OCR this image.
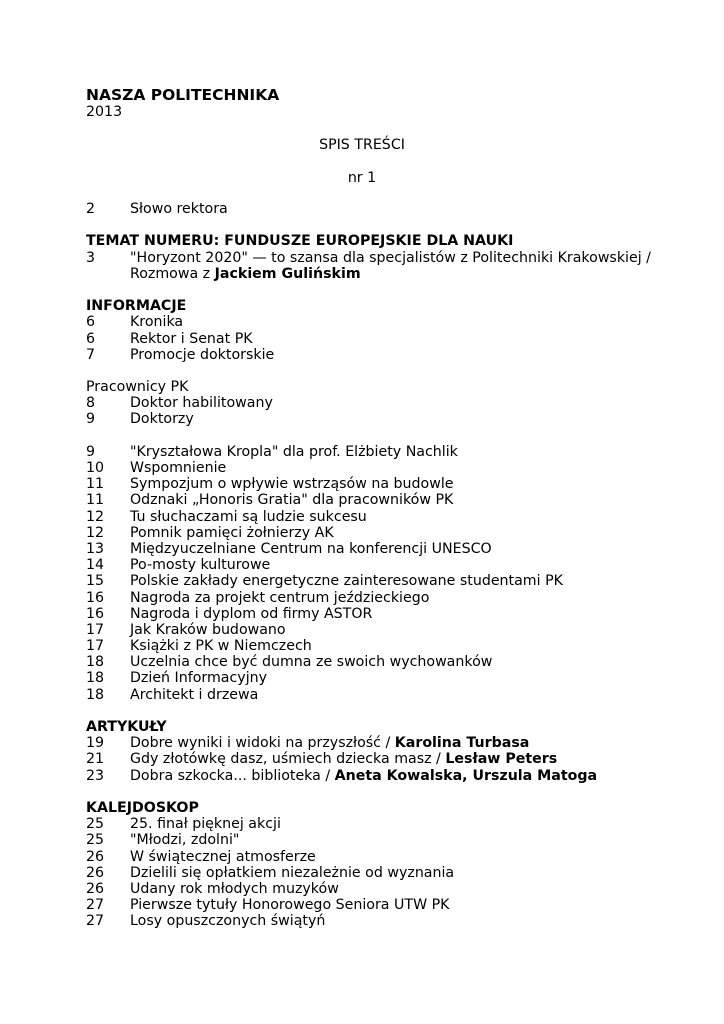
NASZA POLITECHNIKA
2013
SPIS TREŚCI
nr 1
2	Słowo rektora
TEMAT NUMERU: FUNDUSZE EUROPEJSKIE DLA NAUKI
3	"Horyzont 2020" — to szansa dla specjalistów z Politechniki Krakowskiej /
Rozmowa z Jackiem Gulińskim
INFORMACJE
6	Kronika
6	Rektor i Senat PK
7	Promocje doktorskie
Pracownicy PK
8	Doktor habilitowany
9	Doktorzy
9	"Kryształowa Kropla" dla prof. Elżbiety Nachlik
10	Wspomnienie
11	Sympozjum o wpływie wstrząsów na budowle
11	Odznaki „Honoris Gratia" dla pracowników PK
12	Tu słuchaczami są ludzie sukcesu
12	Pomnik pamięci żołnierzy AK
13	Międzyuczelniane Centrum na konferencji UNESCO
14	Po-mosty kulturowe
15	Polskie zakłady energetyczne zainteresowane studentami PK
16	Nagroda za projekt centrum jeździeckiego
16	Nagroda i dyplom od firmy ASTOR
17	Jak Kraków budowano
17	Książki z PK w Niemczech
18	Uczelnia chce być dumna ze swoich wychowanków
18	Dzień Informacyjny
18	Architekt i drzewa
ARTYKUŁY
19	Dobre wyniki i widoki na przyszłość / Karolina Turbasa
21	Gdy złotówkę dasz, uśmiech dziecka masz / Lesław Peters
23	Dobra szkocka... biblioteka / Aneta Kowalska, Urszula Matoga
KALEJDOSKOP
25	25. finał pięknej akcji
25	"Młodzi, zdolni"
26	W świątecznej atmosferze
26	Dzielili się opłatkiem niezależnie od wyznania
26	Udany rok młodych muzyków
27	Pierwsze tytuły Honorowego Seniora UTW PK
27	Losy opuszczonych świątyń
